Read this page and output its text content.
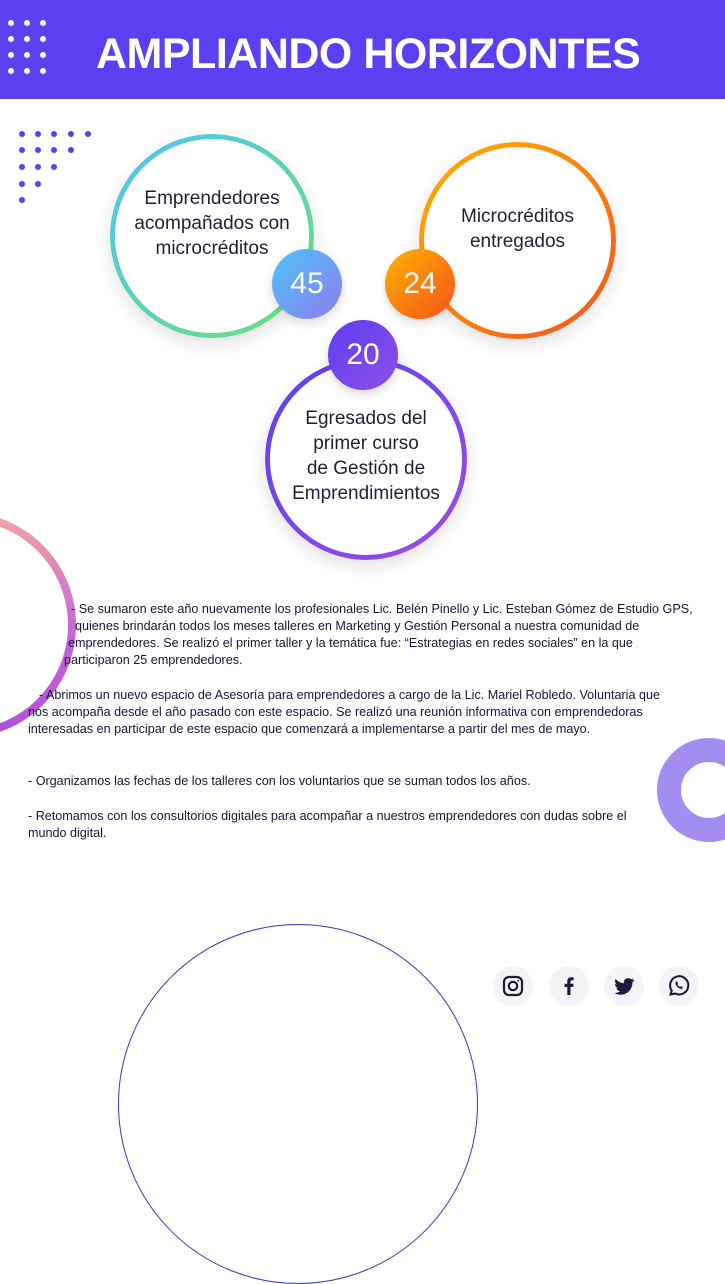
AMPLIANDO HORIZONTES
Emprendedores
acompañados con
microcréditos
45
Microcréditos
entregados
24
Egresados del
primer curso
de Gestión de
Emprendimientos
20
- Se sumaron este año nuevamente los profesionales Lic. Belén Pinello y Lic. Esteban Gómez de Estudio GPS,
quienes brindarán todos los meses talleres en Marketing y Gestión Personal a nuestra comunidad de
emprendedores. Se realizó el primer taller y la temática fue: “Estrategias en redes sociales” en la que
participaron 25 emprendedores.
- Abrimos un nuevo espacio de Asesoría para emprendedores a cargo de la Lic. Mariel Robledo. Voluntaria que
nos acompaña desde el año pasado con este espacio. Se realizó una reunión informativa con emprendedoras
interesadas en participar de este espacio que comenzará a implementarse a partir del mes de mayo.
- Organizamos las fechas de los talleres con los voluntarios que se suman todos los años.
- Retomamos con los consultorios digitales para acompañar a nuestros emprendedores con dudas sobre el
mundo digital.
